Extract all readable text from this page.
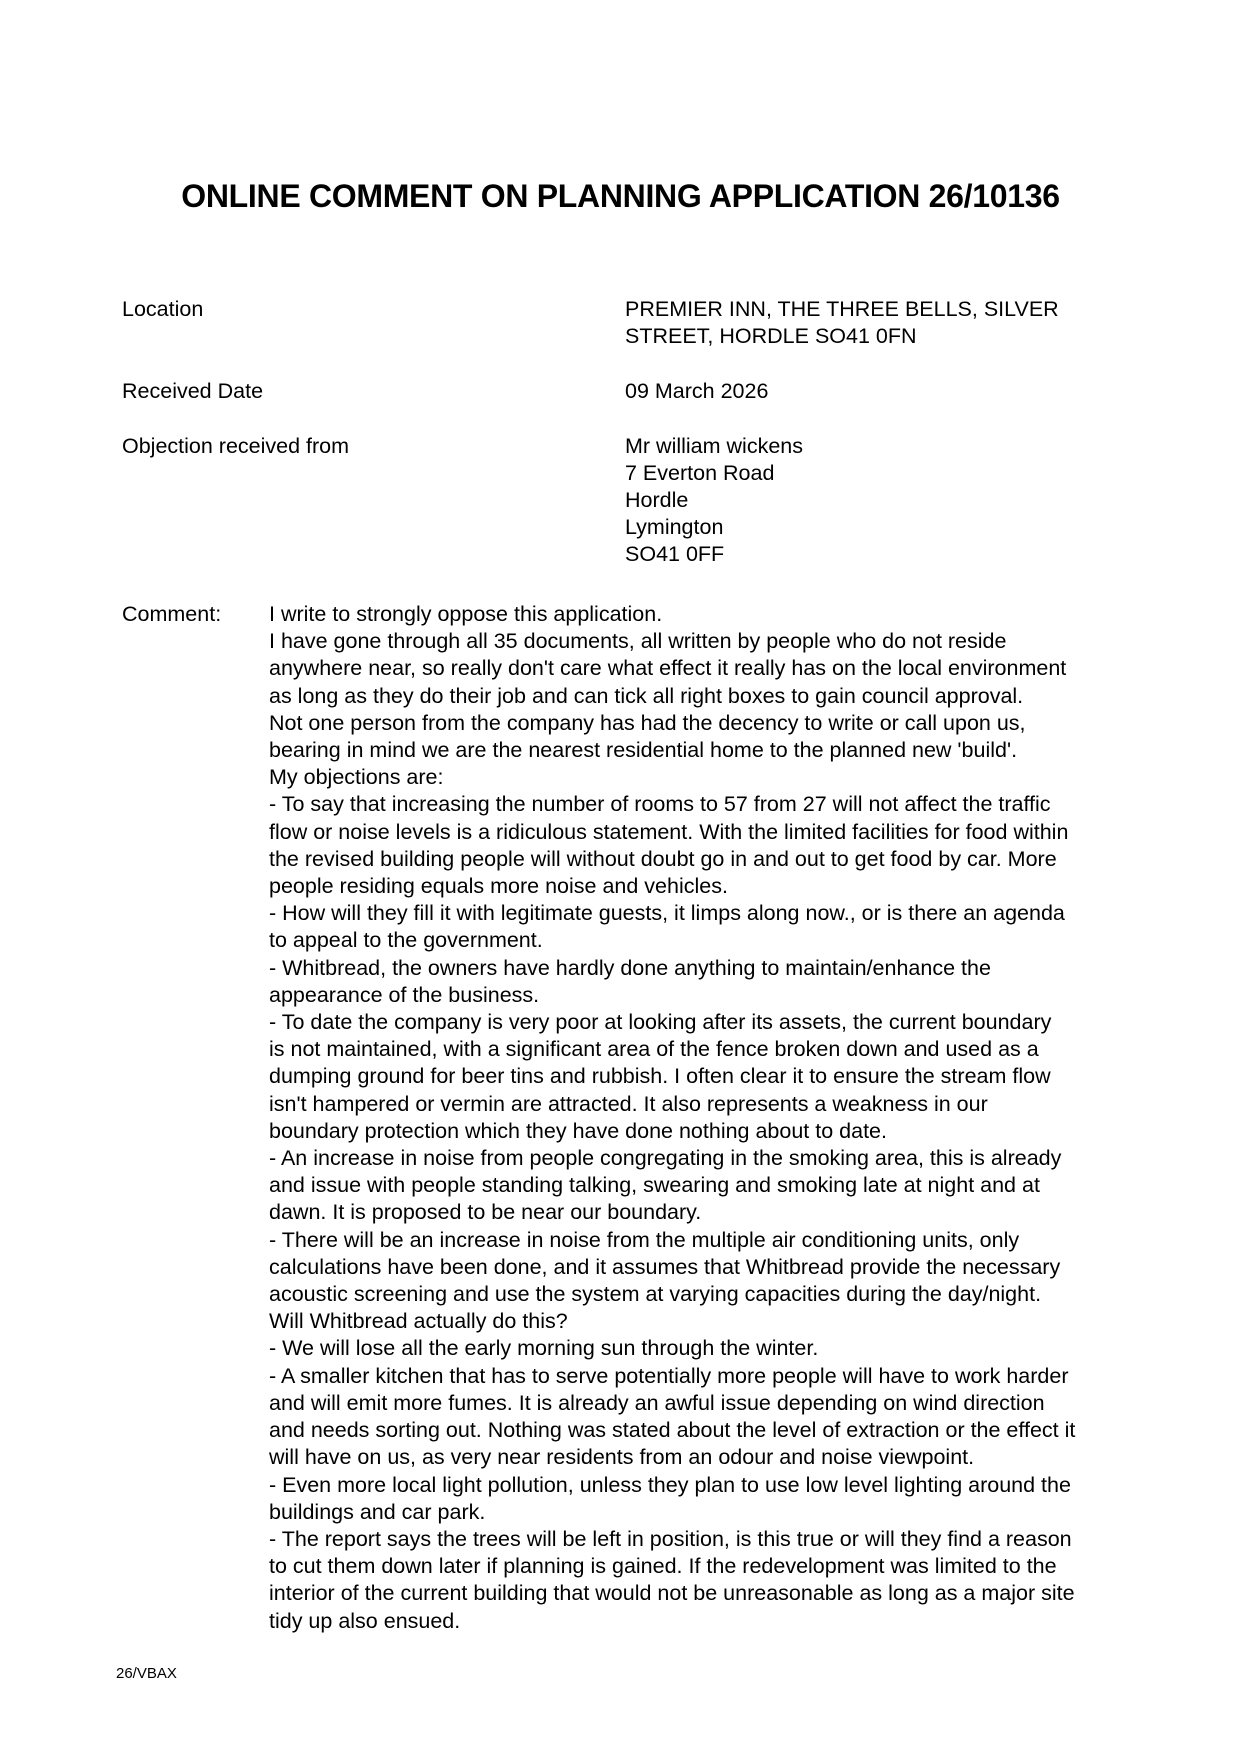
ONLINE COMMENT ON PLANNING APPLICATION 26/10136
Location	PREMIER INN, THE THREE BELLS, SILVER
STREET, HORDLE SO41 0FN
Received Date	09 March 2026
Objection received from	Mr william wickens
7 Everton Road
Hordle
Lymington
SO41 0FF
Comment: I write to strongly oppose this application.
I have gone through all 35 documents, all written by people who do not reside
anywhere near, so really don't care what effect it really has on the local environment
as long as they do their job and can tick all right boxes to gain council approval.
Not one person from the company has had the decency to write or call upon us,
bearing in mind we are the nearest residential home to the planned new 'build'.
My objections are:
- To say that increasing the number of rooms to 57 from 27 will not affect the traffic
flow or noise levels is a ridiculous statement. With the limited facilities for food within
the revised building people will without doubt go in and out to get food by car. More
people residing equals more noise and vehicles.
- How will they fill it with legitimate guests, it limps along now., or is there an agenda
to appeal to the government.
- Whitbread, the owners have hardly done anything to maintain/enhance the
appearance of the business.
- To date the company is very poor at looking after its assets, the current boundary
is not maintained, with a significant area of the fence broken down and used as a
dumping ground for beer tins and rubbish. I often clear it to ensure the stream flow
isn't hampered or vermin are attracted. It also represents a weakness in our
boundary protection which they have done nothing about to date.
- An increase in noise from people congregating in the smoking area, this is already
and issue with people standing talking, swearing and smoking late at night and at
dawn. It is proposed to be near our boundary.
- There will be an increase in noise from the multiple air conditioning units, only
calculations have been done, and it assumes that Whitbread provide the necessary
acoustic screening and use the system at varying capacities during the day/night.
Will Whitbread actually do this?
- We will lose all the early morning sun through the winter.
- A smaller kitchen that has to serve potentially more people will have to work harder
and will emit more fumes. It is already an awful issue depending on wind direction
and needs sorting out. Nothing was stated about the level of extraction or the effect it
will have on us, as very near residents from an odour and noise viewpoint.
- Even more local light pollution, unless they plan to use low level lighting around the
buildings and car park.
- The report says the trees will be left in position, is this true or will they find a reason
to cut them down later if planning is gained. If the redevelopment was limited to the
interior of the current building that would not be unreasonable as long as a major site
tidy up also ensued.
26/VBAX
